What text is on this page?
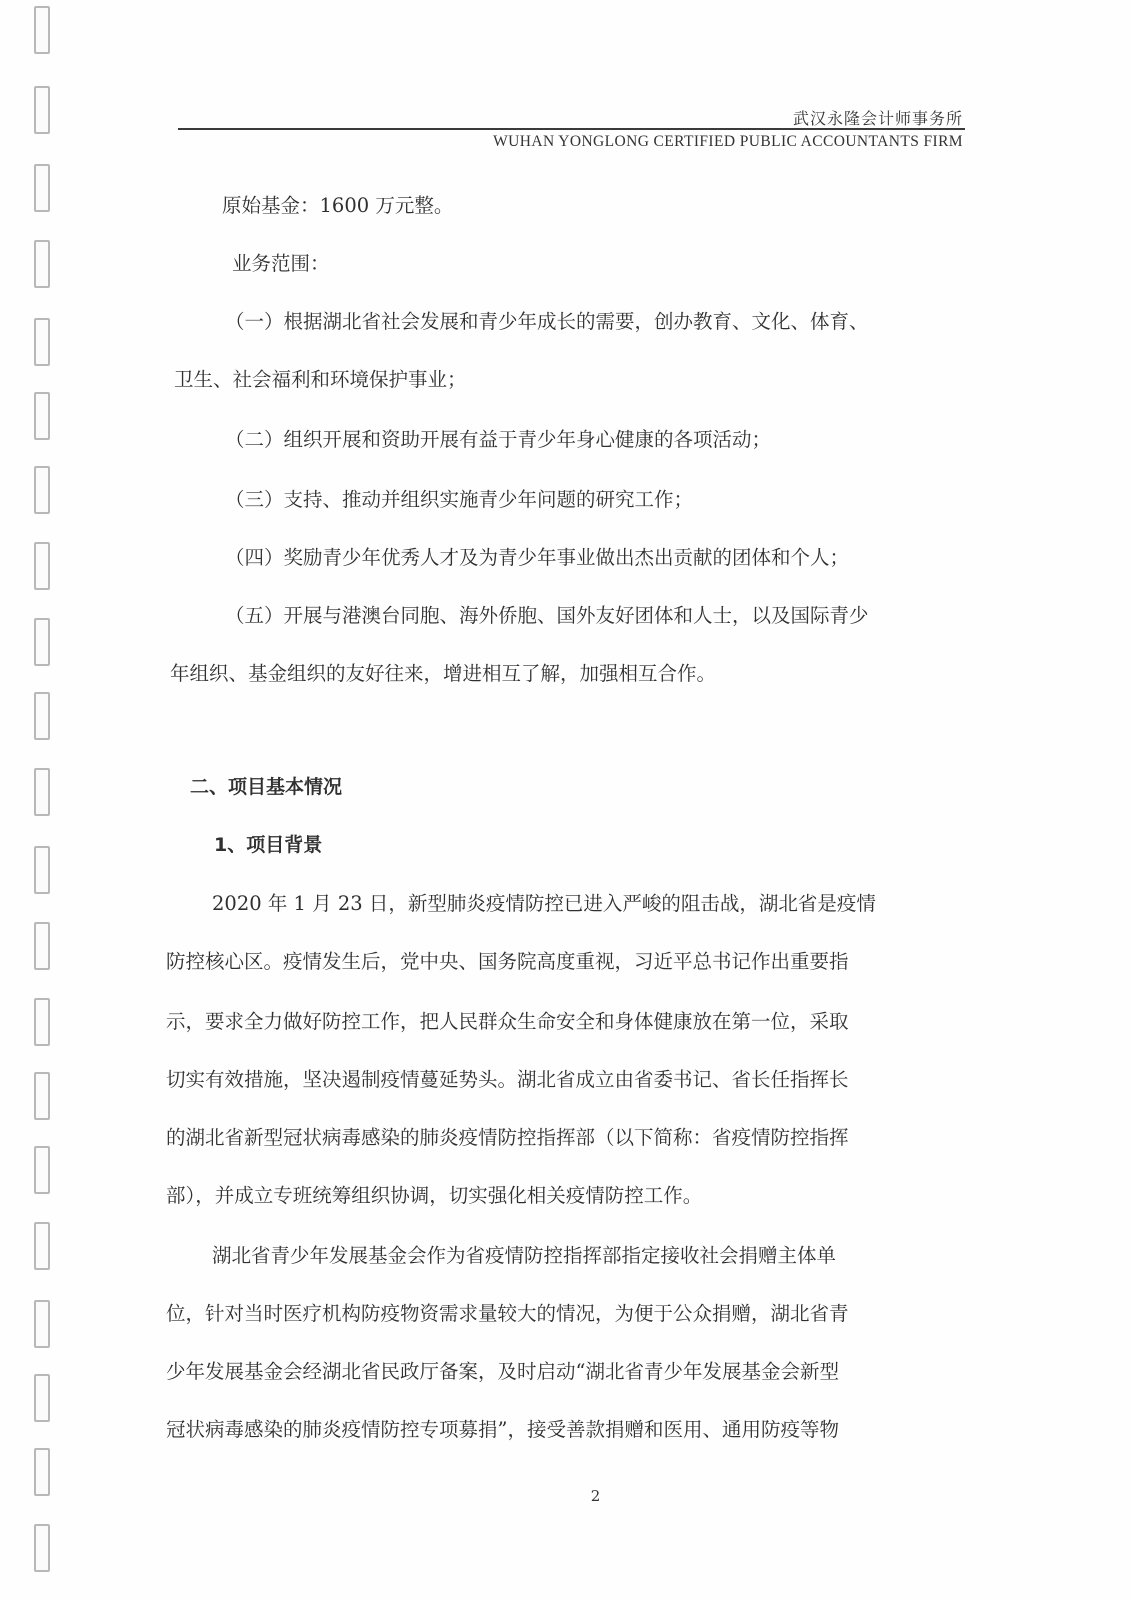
武汉永隆会计师事务所
WUHAN YONGLONG CERTIFIED PUBLIC ACCOUNTANTS FIRM
原始基金：1600 万元整。
业务范围：
（一）根据湖北省社会发展和青少年成长的需要，创办教育、文化、体育、
卫生、社会福利和环境保护事业；
（二）组织开展和资助开展有益于青少年身心健康的各项活动；
（三）支持、推动并组织实施青少年问题的研究工作；
（四）奖励青少年优秀人才及为青少年事业做出杰出贡献的团体和个人；
（五）开展与港澳台同胞、海外侨胞、国外友好团体和人士，以及国际青少
年组织、基金组织的友好往来，增进相互了解，加强相互合作。
二、项目基本情况
1、项目背景
2020 年 1 月 23 日，新型肺炎疫情防控已进入严峻的阻击战，湖北省是疫情
防控核心区。疫情发生后，党中央、国务院高度重视，习近平总书记作出重要指
示，要求全力做好防控工作，把人民群众生命安全和身体健康放在第一位，采取
切实有效措施，坚决遏制疫情蔓延势头。湖北省成立由省委书记、省长任指挥长
的湖北省新型冠状病毒感染的肺炎疫情防控指挥部（以下简称：省疫情防控指挥
部），并成立专班统筹组织协调，切实强化相关疫情防控工作。
湖北省青少年发展基金会作为省疫情防控指挥部指定接收社会捐赠主体单
位，针对当时医疗机构防疫物资需求量较大的情况，为便于公众捐赠，湖北省青
少年发展基金会经湖北省民政厅备案，及时启动“湖北省青少年发展基金会新型
冠状病毒感染的肺炎疫情防控专项募捐”，接受善款捐赠和医用、通用防疫等物
2
